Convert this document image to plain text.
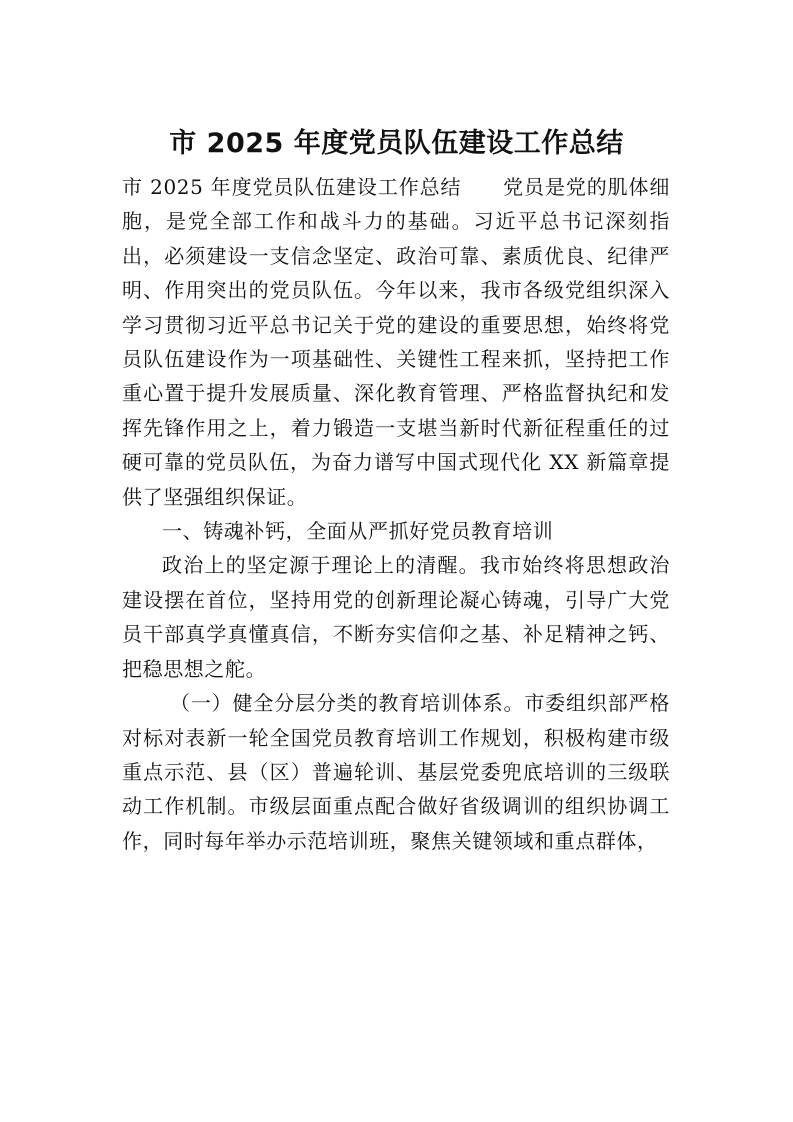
市 2025 年度党员队伍建设工作总结

市 2025 年度党员队伍建设工作总结　　党员是党的肌体细胞，是党全部工作和战斗力的基础。习近平总书记深刻指出，必须建设一支信念坚定、政治可靠、素质优良、纪律严明、作用突出的党员队伍。今年以来，我市各级党组织深入学习贯彻习近平总书记关于党的建设的重要思想，始终将党员队伍建设作为一项基础性、关键性工程来抓，坚持把工作重心置于提升发展质量、深化教育管理、严格监督执纪和发挥先锋作用之上，着力锻造一支堪当新时代新征程重任的过硬可靠的党员队伍，为奋力谱写中国式现代化 XX 新篇章提供了坚强组织保证。

一、铸魂补钙，全面从严抓好党员教育培训

政治上的坚定源于理论上的清醒。我市始终将思想政治建设摆在首位，坚持用党的创新理论凝心铸魂，引导广大党员干部真学真懂真信，不断夯实信仰之基、补足精神之钙、把稳思想之舵。

（一）健全分层分类的教育培训体系。市委组织部严格对标对表新一轮全国党员教育培训工作规划，积极构建市级重点示范、县（区）普遍轮训、基层党委兜底培训的三级联动工作机制。市级层面重点配合做好省级调训的组织协调工作，同时每年举办示范培训班，聚焦关键领域和重点群体，
